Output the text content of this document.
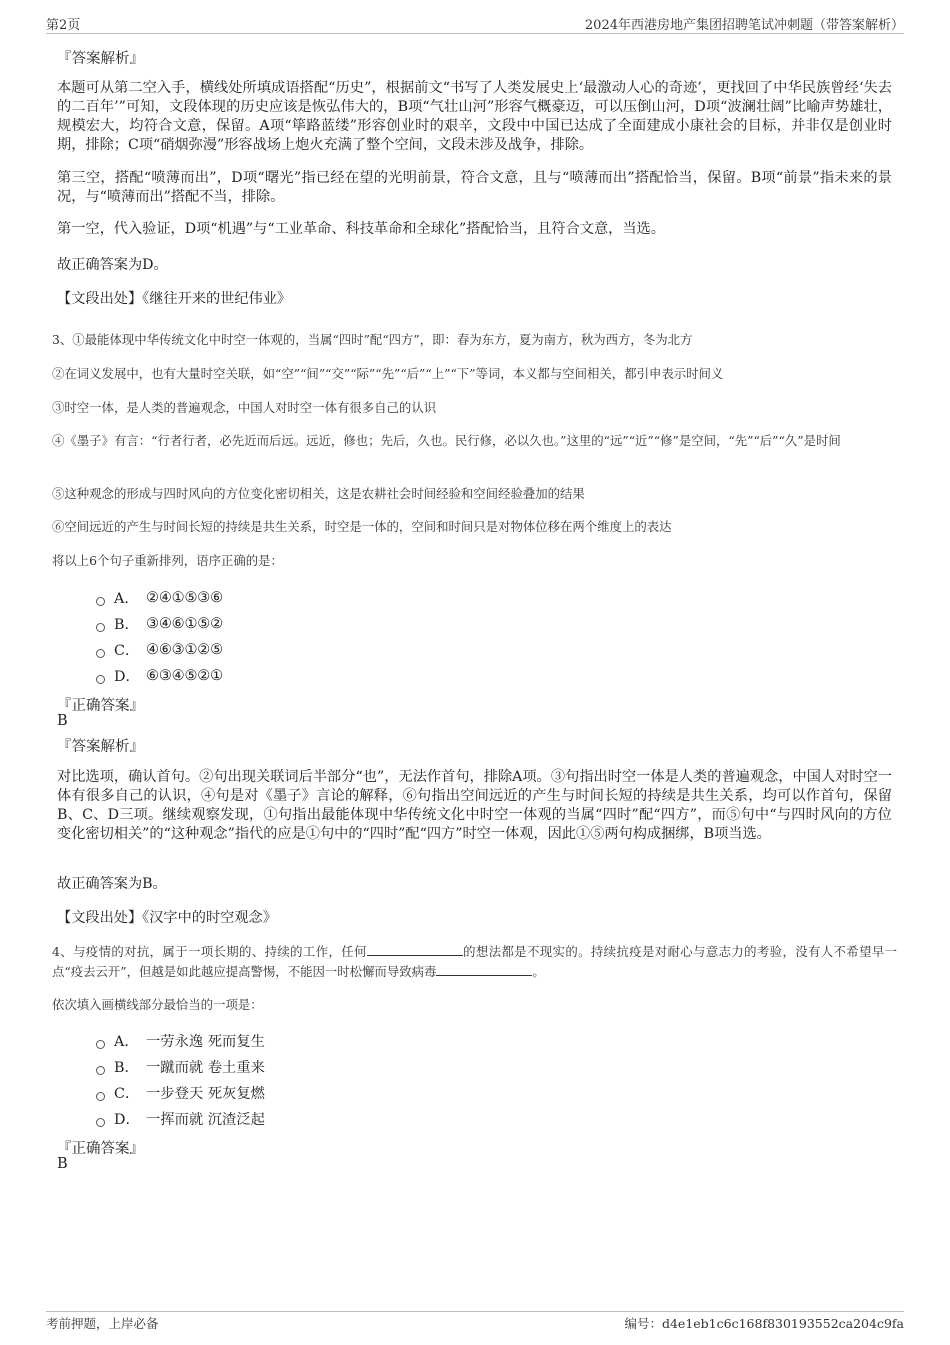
第2页	2024年西港房地产集团招聘笔试冲刺题（带答案解析）
『答案解析』
本题可从第二空入手，横线处所填成语搭配“历史”，根据前文“书写了人类发展史上‘最激动人心的奇迹’，更找回了中华民族曾经‘失去的二百年’”可知，文段体现的历史应该是恢弘伟大的，B项“气壮山河”形容气概豪迈，可以压倒山河，D项“波澜壮阔”比喻声势雄壮，规模宏大，均符合文意，保留。A项“筚路蓝缕”形容创业时的艰辛，文段中中国已达成了全面建成小康社会的目标，并非仅是创业时期，排除；C项“硝烟弥漫”形容战场上炮火充满了整个空间，文段未涉及战争，排除。
第三空，搭配“喷薄而出”，D项“曙光”指已经在望的光明前景，符合文意，且与“喷薄而出”搭配恰当，保留。B项“前景”指未来的景况，与“喷薄而出”搭配不当，排除。
第一空，代入验证，D项“机遇”与“工业革命、科技革命和全球化”搭配恰当，且符合文意，当选。
故正确答案为D。
【文段出处】《继往开来的世纪伟业》
3、①最能体现中华传统文化中时空一体观的，当属“四时”配“四方”，即：春为东方，夏为南方，秋为西方，冬为北方
②在词义发展中，也有大量时空关联，如“空”“间”“交”“际”“先”“后”“上”“下”等词，本义都与空间相关，都引申表示时间义
③时空一体，是人类的普遍观念，中国人对时空一体有很多自己的认识
④《墨子》有言：“行者行者，必先近而后远。远近，修也；先后，久也。民行修，必以久也。”这里的“远”“近”“修”是空间，“先”“后”“久”是时间
⑤这种观念的形成与四时风向的方位变化密切相关，这是农耕社会时间经验和空间经验叠加的结果
⑥空间远近的产生与时间长短的持续是共生关系，时空是一体的，空间和时间只是对物体位移在两个维度上的表达
将以上6个句子重新排列，语序正确的是：
A． ②④①⑤③⑥
B． ③④⑥①⑤②
C． ④⑥③①②⑤
D． ⑥③④⑤②①
『正确答案』
B
『答案解析』
对比选项，确认首句。②句出现关联词后半部分“也”，无法作首句，排除A项。③句指出时空一体是人类的普遍观念，中国人对时空一体有很多自己的认识，④句是对《墨子》言论的解释，⑥句指出空间远近的产生与时间长短的持续是共生关系，均可以作首句，保留B、C、D三项。继续观察发现，①句指出最能体现中华传统文化中时空一体观的当属“四时”配“四方”，而⑤句中“与四时风向的方位变化密切相关”的“这种观念”指代的应是①句中的“四时”配“四方”时空一体观，因此①⑤两句构成捆绑，B项当选。
故正确答案为B。
【文段出处】《汉字中的时空观念》
4、与疫情的对抗，属于一项长期的、持续的工作，任何	的想法都是不现实的。持续抗疫是对耐心与意志力的考验，没有人不希望早一点“疫去云开”，但越是如此越应提高警惕，不能因一时松懈而导致病毒	。
依次填入画横线部分最恰当的一项是：
A． 一劳永逸 死而复生
B． 一蹴而就 卷土重来
C． 一步登天 死灰复燃
D． 一挥而就 沉渣泛起
『正确答案』
B
考前押题，上岸必备	编号：d4e1eb1c6c168f830193552ca204c9fa
